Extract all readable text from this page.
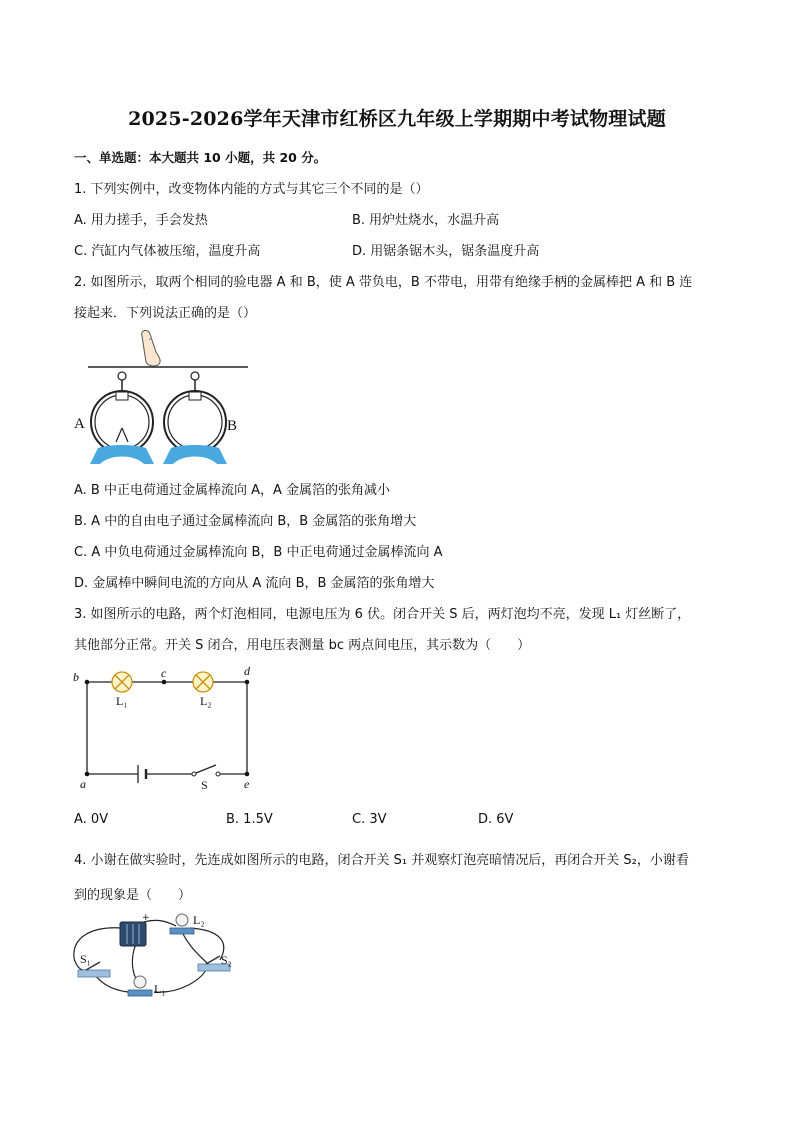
2025-2026学年天津市红桥区九年级上学期期中考试物理试题
一、单选题：本大题共 10 小题，共 20 分。
1. 下列实例中，改变物体内能的方式与其它三个不同的是（）
A. 用力搓手，手会发热	B. 用炉灶烧水，水温升高
C. 汽缸内气体被压缩，温度升高	D. 用锯条锯木头，锯条温度升高
2. 如图所示，取两个相同的验电器 A 和 B，使 A 带负电，B 不带电，用带有绝缘手柄的金属棒把 A 和 B 连
接起来．下列说法正确的是（）
A	B
A. B 中正电荷通过金属棒流向 A，A 金属箔的张角减小
B. A 中的自由电子通过金属棒流向 B，B 金属箔的张角增大
C. A 中负电荷通过金属棒流向 B，B 中正电荷通过金属棒流向 A
D. 金属棒中瞬间电流的方向从 A 流向 B，B 金属箔的张角增大
3. 如图所示的电路，两个灯泡相同，电源电压为 6 伏。闭合开关 S 后，两灯泡均不亮，发现 L₁ 灯丝断了，
其他部分正常。开关 S 闭合，用电压表测量 bc 两点间电压，其示数为（　　）
b	c	d
a	e
L₁	L₂
S
A. 0V	B. 1.5V	C. 3V	D. 6V
4. 小谢在做实验时，先连成如图所示的电路，闭合开关 S₁ 并观察灯泡亮暗情况后，再闭合开关 S₂，小谢看
到的现象是（　　）
+	L₂
L₁
S₁	S₂
